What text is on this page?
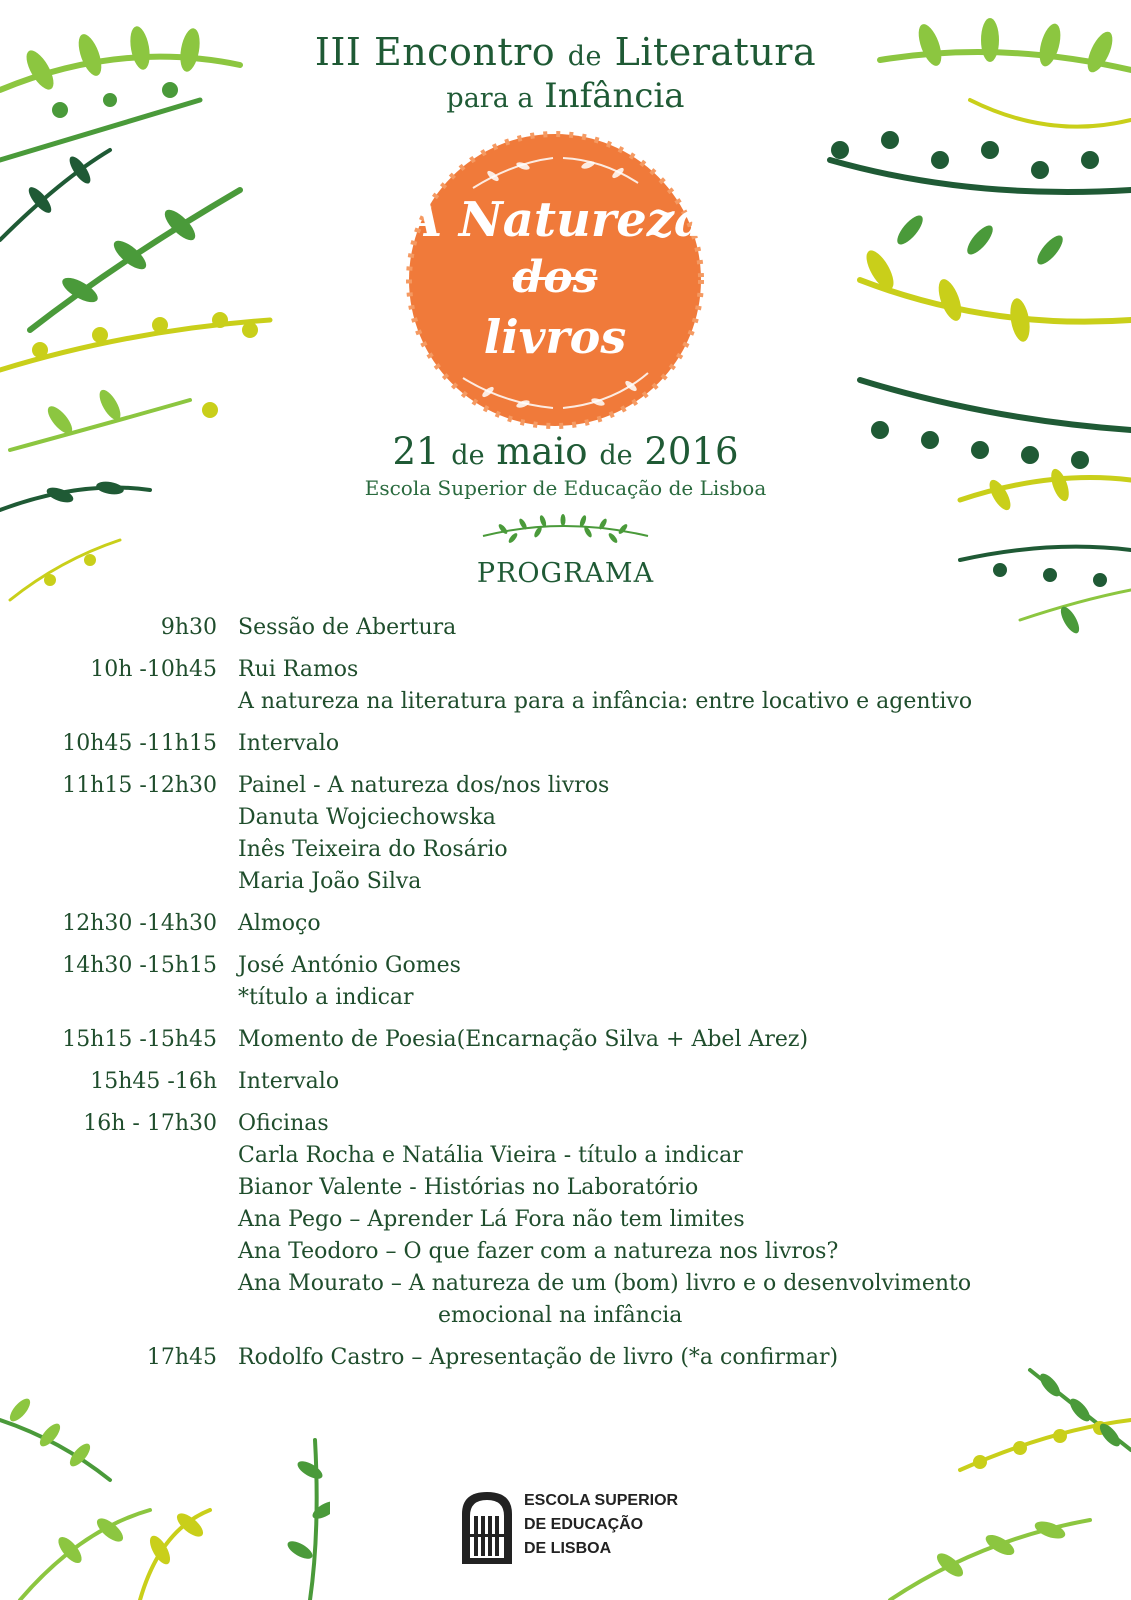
III Encontro de Literatura
para a Infância
A Natureza
dos
livros
21 de maio de 2016
Escola Superior de Educação de Lisboa
PROGRAMA
9h30 Sessão de Abertura
10h -10h45 Rui Ramos
A natureza na literatura para a infância: entre locativo e agentivo
10h45 -11h15 Intervalo
11h15 -12h30 Painel - A natureza dos/nos livros
Danuta Wojciechowska
Inês Teixeira do Rosário
Maria João Silva
12h30 -14h30 Almoço
14h30 -15h15 José António Gomes
*título a indicar
15h15 -15h45 Momento de Poesia(Encarnação Silva + Abel Arez)
15h45 -16h Intervalo
16h - 17h30 Oficinas
Carla Rocha e Natália Vieira - título a indicar
Bianor Valente - Histórias no Laboratório
Ana Pego – Aprender Lá Fora não tem limites
Ana Teodoro – O que fazer com a natureza nos livros?
Ana Mourato – A natureza de um (bom) livro e o desenvolvimento
emocional na infância
17h45 Rodolfo Castro – Apresentação de livro (*a confirmar)
ESCOLA SUPERIOR
DE EDUCAÇÃO
DE LISBOA
